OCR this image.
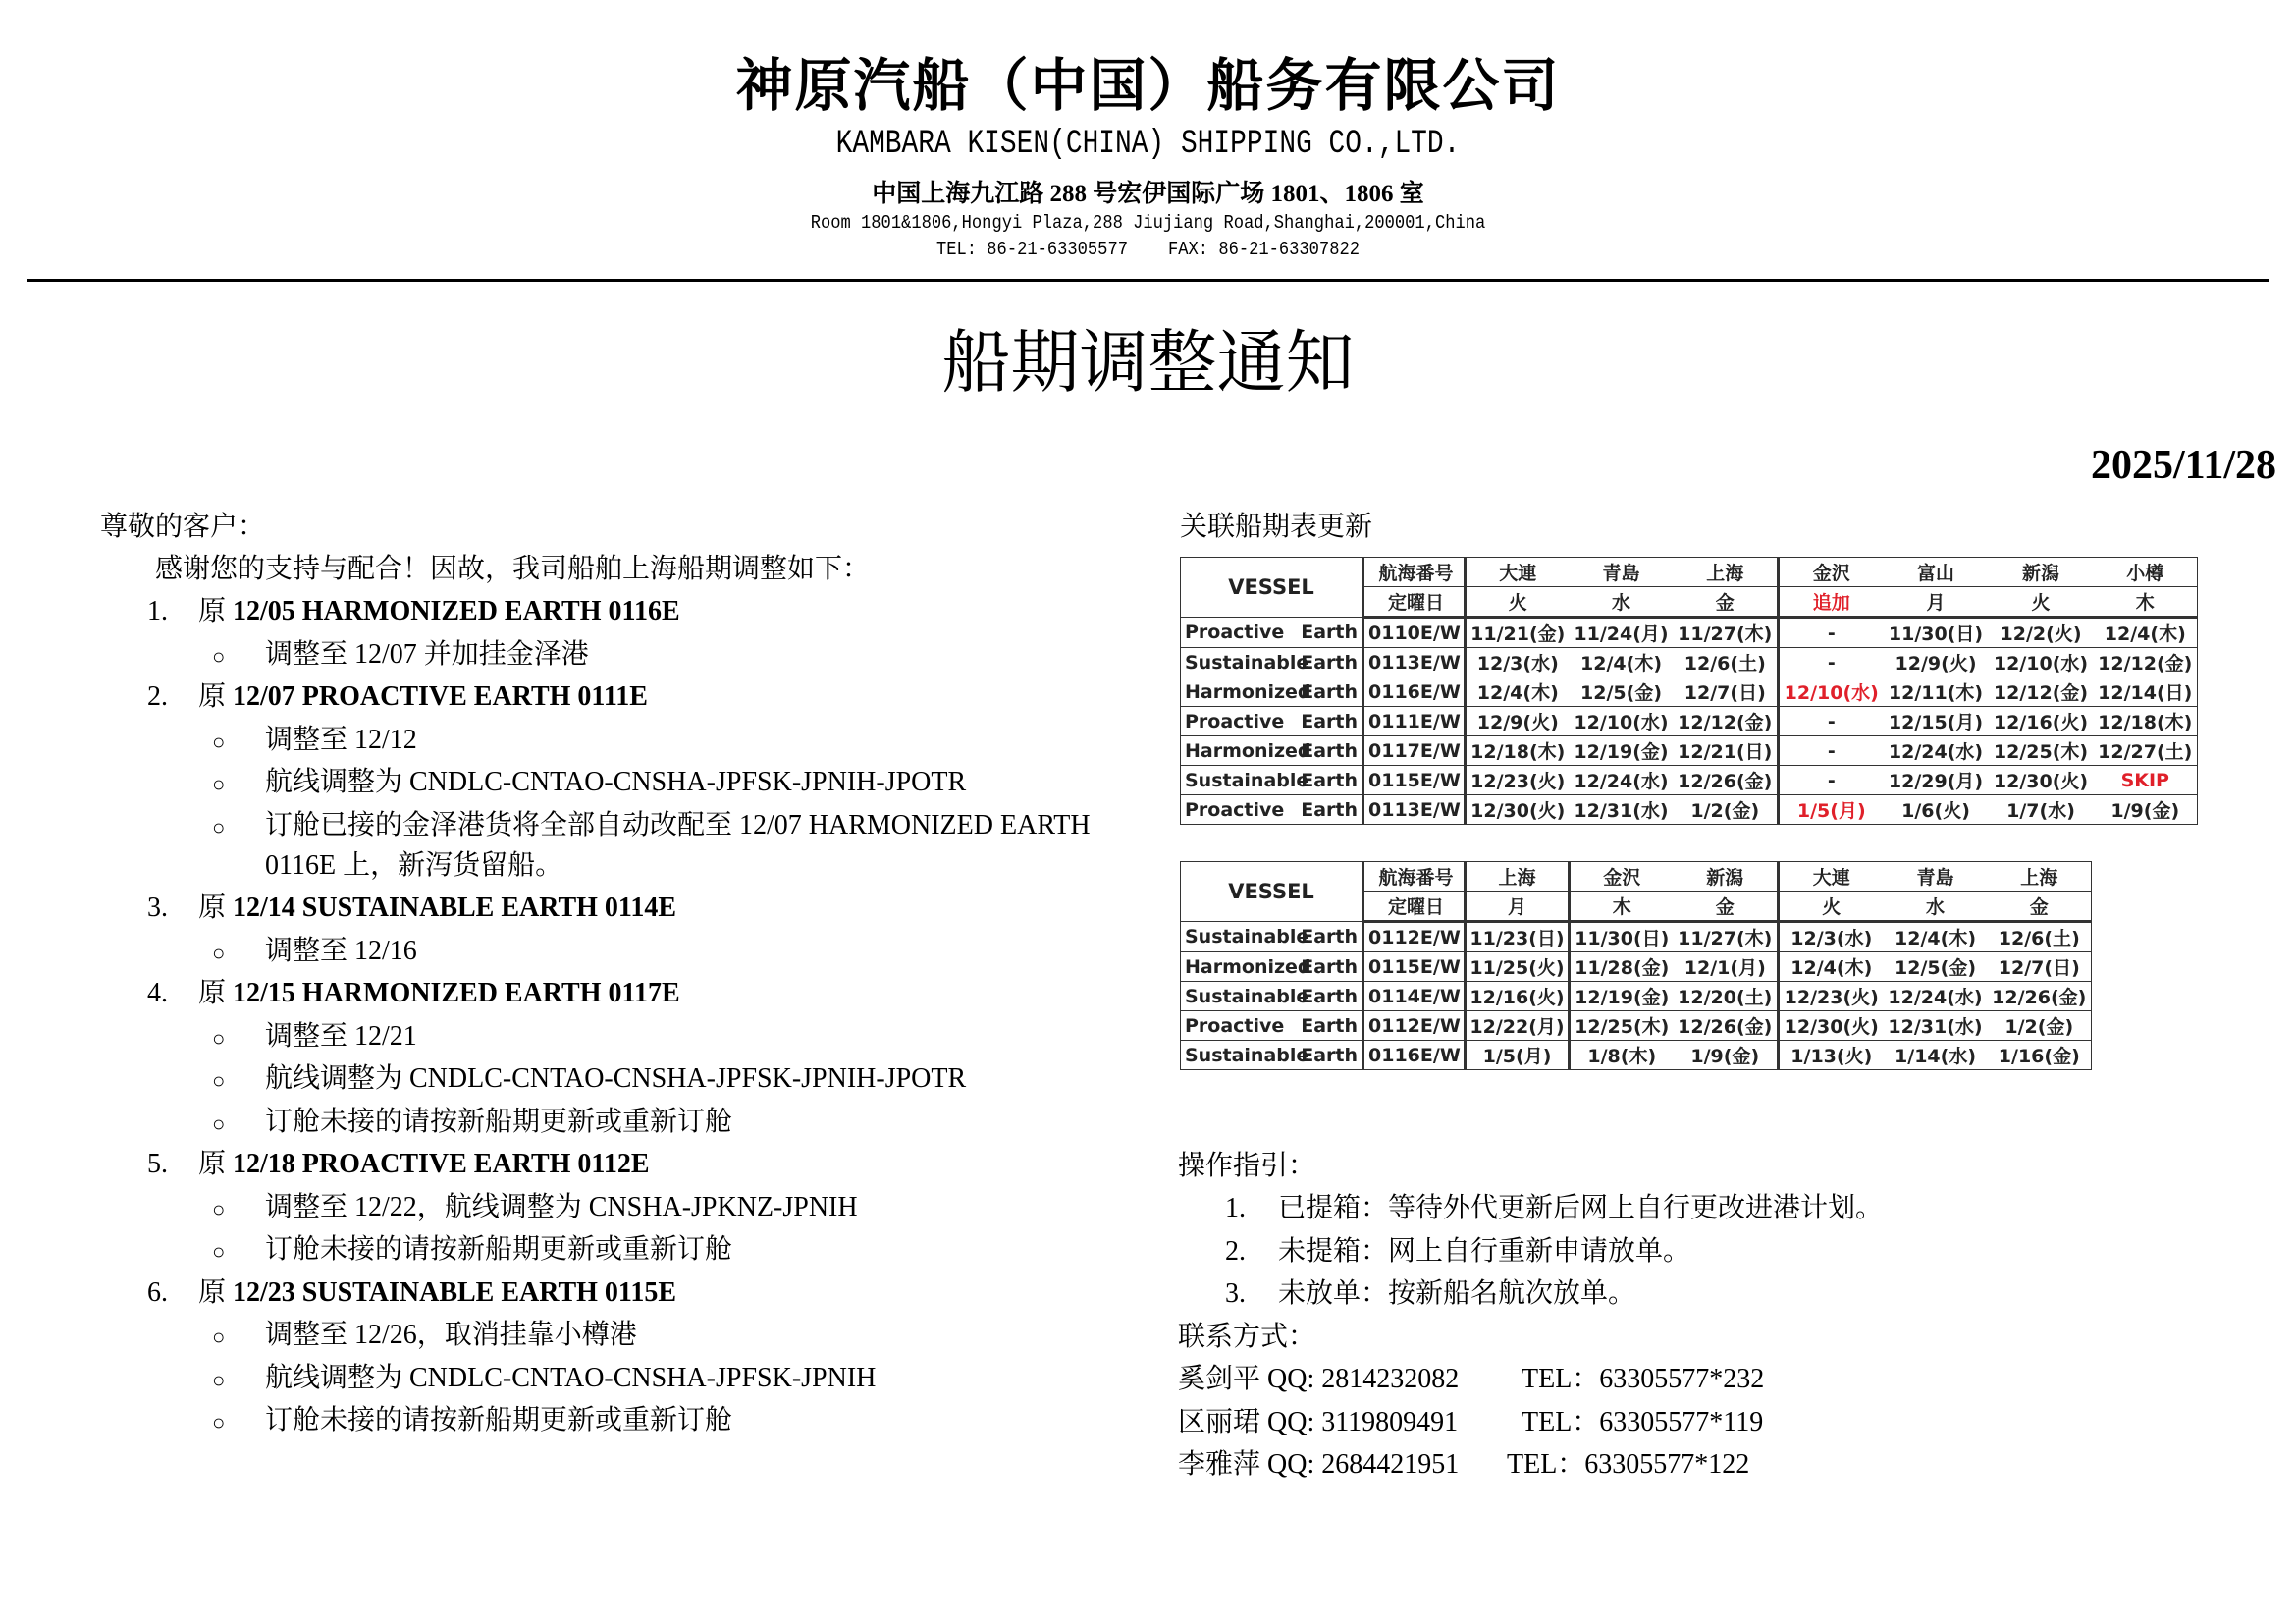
神原汽船（中国）船务有限公司
KAMBARA KISEN(CHINA) SHIPPING CO.,LTD.
中国上海九江路 288 号宏伊国际广场 1801、1806 室
Room 1801&1806,Hongyi Plaza,288 Jiujiang Road,Shanghai,200001,China
TEL: 86-21-63305577    FAX: 86-21-63307822
船期调整通知
2025/11/28
尊敬的客户：
感谢您的支持与配合！因故，我司船舶上海船期调整如下：
1.	原 12/05 HARMONIZED EARTH 0116E
○ 调整至 12/07 并加挂金泽港
2.	原 12/07 PROACTIVE EARTH 0111E
○ 调整至 12/12
○ 航线调整为 CNDLC-CNTAO-CNSHA-JPFSK-JPNIH-JPOTR
○ 订舱已接的金泽港货将全部自动改配至 12/07 HARMONIZED EARTH
0116E 上，新泻货留船。
3.	原 12/14 SUSTAINABLE EARTH 0114E
○ 调整至 12/16
4.	原 12/15 HARMONIZED EARTH 0117E
○ 调整至 12/21
○ 航线调整为 CNDLC-CNTAO-CNSHA-JPFSK-JPNIH-JPOTR
○ 订舱未接的请按新船期更新或重新订舱
5.	原 12/18 PROACTIVE EARTH 0112E
○ 调整至 12/22，航线调整为 CNSHA-JPKNZ-JPNIH
○ 订舱未接的请按新船期更新或重新订舱
6.	原 12/23 SUSTAINABLE EARTH 0115E
○ 调整至 12/26，取消挂靠小樽港
○ 航线调整为 CNDLC-CNTAO-CNSHA-JPFSK-JPNIH
○ 订舱未接的请按新船期更新或重新订舱
关联船期表更新
VESSEL		航海番号	大連	青島	上海	金沢	富山	新潟	小樽
		定曜日	火	水	金	追加	月	火	木
Proactive	Earth	0110E/W	11/21(金)	11/24(月)	11/27(木)	-	11/30(日)	12/2(火)	12/4(木)
Sustainable	Earth	0113E/W	12/3(水)	12/4(木)	12/6(土)	-	12/9(火)	12/10(水)	12/12(金)
Harmonized	Earth	0116E/W	12/4(木)	12/5(金)	12/7(日)	12/10(水)	12/11(木)	12/12(金)	12/14(日)
Proactive	Earth	0111E/W	12/9(火)	12/10(水)	12/12(金)	-	12/15(月)	12/16(火)	12/18(木)
Harmonized	Earth	0117E/W	12/18(木)	12/19(金)	12/21(日)	-	12/24(水)	12/25(木)	12/27(土)
Sustainable	Earth	0115E/W	12/23(火)	12/24(水)	12/26(金)	-	12/29(月)	12/30(火)	SKIP
Proactive	Earth	0113E/W	12/30(火)	12/31(水)	1/2(金)	1/5(月)	1/6(火)	1/7(水)	1/9(金)
VESSEL		航海番号	上海	金沢	新潟	大連	青島	上海
		定曜日	月	木	金	火	水	金
Sustainable	Earth	0112E/W	11/23(日)	11/30(日)	11/27(木)	12/3(水)	12/4(木)	12/6(土)
Harmonized	Earth	0115E/W	11/25(火)	11/28(金)	12/1(月)	12/4(木)	12/5(金)	12/7(日)
Sustainable	Earth	0114E/W	12/16(火)	12/19(金)	12/20(土)	12/23(火)	12/24(水)	12/26(金)
Proactive	Earth	0112E/W	12/22(月)	12/25(木)	12/26(金)	12/30(火)	12/31(水)	1/2(金)
Sustainable	Earth	0116E/W	1/5(月)	1/8(木)	1/9(金)	1/13(火)	1/14(水)	1/16(金)
操作指引：
1. 已提箱：等待外代更新后网上自行更改进港计划。
2. 未提箱：网上自行重新申请放单。
3. 未放单：按新船名航次放单。
联系方式：
奚剑平 QQ: 2814232082 TEL：63305577*232
区丽珺 QQ: 3119809491 TEL：63305577*119
李雅萍 QQ: 2684421951 TEL：63305577*122
